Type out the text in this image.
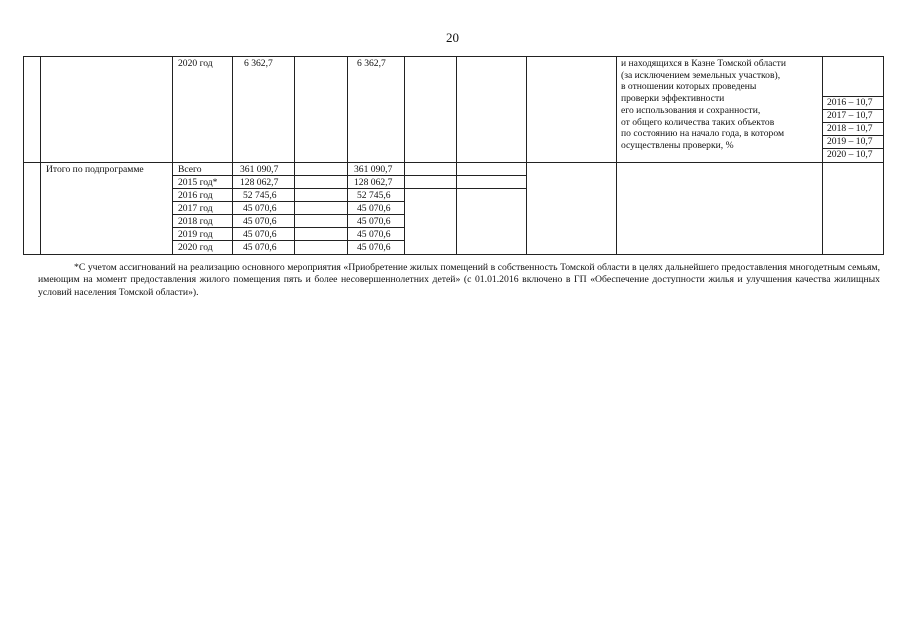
20
2020 год	6 362,7	6 362,7	и находящихся в Казне Томской области
(за исключением земельных участков),
в отношении которых проведены
проверки эффективности
его использования и сохранности,
от общего количества таких объектов
по состоянию на начало года, в котором
осуществлены проверки, %
2016 – 10,7
2017 – 10,7
2018 – 10,7
2019 – 10,7
2020 – 10,7
Итого по подпрограмме	Всего	361 090,7	361 090,7
2015 год* 128 062,7	128 062,7
2016 год	52 745,6	52 745,6
2017 год	45 070,6	45 070,6
2018 год	45 070,6	45 070,6
2019 год	45 070,6	45 070,6
2020 год	45 070,6	45 070,6
*С учетом ассигнований на реализацию основного мероприятия «Приобретение жилых помещений в собственность Томской области в целях дальнейшего предоставления многодетным семьям, имеющим на момент предоставления жилого помещения пять и более несовершеннолетних детей» (с 01.01.2016 включено в ГП «Обеспечение доступности жилья и улучшения качества жилищных условий населения Томской области»).
